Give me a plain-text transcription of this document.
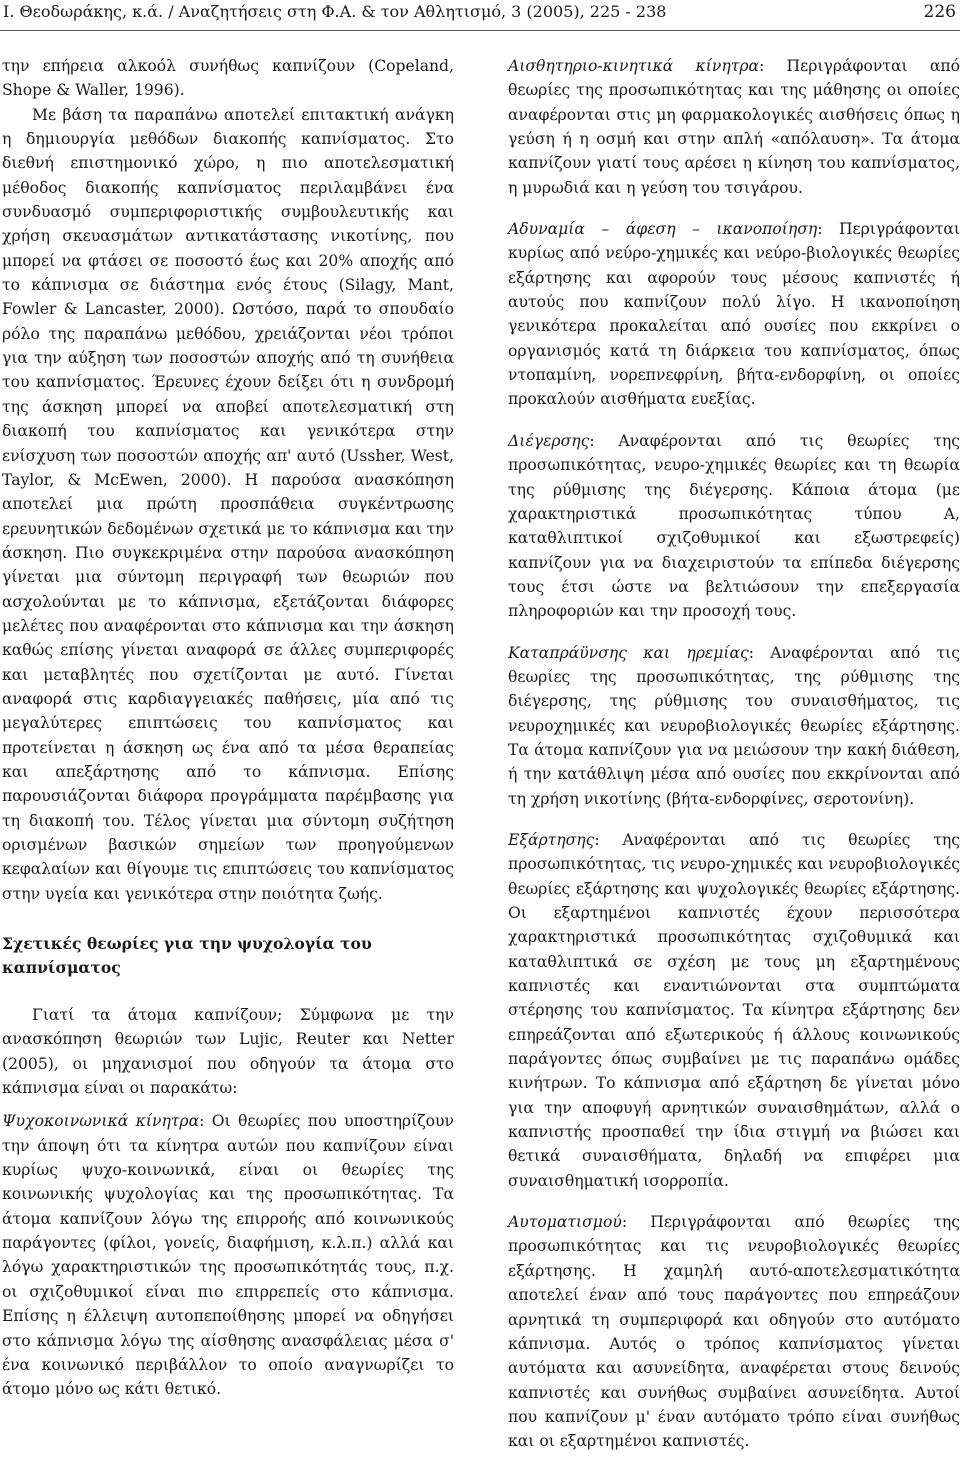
Ι. Θεοδωράκης, κ.ά. / Αναζητήσεις στη Φ.Α. & τον Αθλητισμό, 3 (2005), 225 - 238	226

την επήρεια αλκοόλ συνήθως καπνίζουν (Copeland, Shope & Waller, 1996).

Με βάση τα παραπάνω αποτελεί επιτακτική ανάγκη η δημιουργία μεθόδων διακοπής καπνίσματος. Στο διεθνή επιστημονικό χώρο, η πιο αποτελεσματική μέθοδος διακοπής καπνίσματος περιλαμβάνει ένα συνδυασμό συμπεριφοριστικής συμβουλευτικής και χρήση σκευασμάτων αντικατάστασης νικοτίνης, που μπορεί να φτάσει σε ποσοστό έως και 20% αποχής από το κάπνισμα σε διάστημα ενός έτους (Silagy, Mant, Fowler & Lancaster, 2000). Ωστόσο, παρά το σπουδαίο ρόλο της παραπάνω μεθόδου, χρειάζονται νέοι τρόποι για την αύξηση των ποσοστών αποχής από τη συνήθεια του καπνίσματος. Έρευνες έχουν δείξει ότι η συνδρομή της άσκηση μπορεί να αποβεί αποτελεσματική στη διακοπή του καπνίσματος και γενικότερα στην ενίσχυση των ποσοστών αποχής απ' αυτό (Ussher, West, Taylor, & McEwen, 2000). Η παρούσα ανασκόπηση αποτελεί μια πρώτη προσπάθεια συγκέντρωσης ερευνητικών δεδομένων σχετικά με το κάπνισμα και την άσκηση. Πιο συγκεκριμένα στην παρούσα ανασκόπηση γίνεται μια σύντομη περιγραφή των θεωριών που ασχολούνται με το κάπνισμα, εξετάζονται διάφορες μελέτες που αναφέρονται στο κάπνισμα και την άσκηση καθώς επίσης γίνεται αναφορά σε άλλες συμπεριφορές και μεταβλητές που σχετίζονται με αυτό. Γίνεται αναφορά στις καρδιαγγειακές παθήσεις, μία από τις μεγαλύτερες επιπτώσεις του καπνίσματος και προτείνεται η άσκηση ως ένα από τα μέσα θεραπείας και απεξάρτησης από το κάπνισμα. Επίσης παρουσιάζονται διάφορα προγράμματα παρέμβασης για τη διακοπή του. Τέλος γίνεται μια σύντομη συζήτηση ορισμένων βασικών σημείων των προηγούμενων κεφαλαίων και θίγουμε τις επιπτώσεις του καπνίσματος στην υγεία και γενικότερα στην ποιότητα ζωής.

Σχετικές θεωρίες για την ψυχολογία του καπνίσματος

Γιατί τα άτομα καπνίζουν; Σύμφωνα με την ανασκόπηση θεωριών των Lujic, Reuter και Netter (2005), οι μηχανισμοί που οδηγούν τα άτομα στο κάπνισμα είναι οι παρακάτω:

Ψυχοκοινωνικά κίνητρα: Οι θεωρίες που υποστηρίζουν την άποψη ότι τα κίνητρα αυτών που καπνίζουν είναι κυρίως ψυχο-κοινωνικά, είναι οι θεωρίες της κοινωνικής ψυχολογίας και της προσωπικότητας. Τα άτομα καπνίζουν λόγω της επιρροής από κοινωνικούς παράγοντες (φίλοι, γονείς, διαφήμιση, κ.λ.π.) αλλά και λόγω χαρακτηριστικών της προσωπικότητάς τους, π.χ. οι σχιζοθυμικοί είναι πιο επιρρεπείς στο κάπνισμα. Επίσης η έλλειψη αυτοπεποίθησης μπορεί να οδηγήσει στο κάπνισμα λόγω της αίσθησης ανασφάλειας μέσα σ' ένα κοινωνικό περιβάλλον το οποίο αναγνωρίζει το άτομο μόνο ως κάτι θετικό.

Αισθητηριο-κινητικά κίνητρα: Περιγράφονται από θεωρίες της προσωπικότητας και της μάθησης οι οποίες αναφέρονται στις μη φαρμακολογικές αισθήσεις όπως η γεύση ή η οσμή και στην απλή «απόλαυση». Τα άτομα καπνίζουν γιατί τους αρέσει η κίνηση του καπνίσματος, η μυρωδιά και η γεύση του τσιγάρου.

Αδυναμία – άφεση – ικανοποίηση: Περιγράφονται κυρίως από νεύρο-χημικές και νεύρο-βιολογικές θεωρίες εξάρτησης και αφορούν τους μέσους καπνιστές ή αυτούς που καπνίζουν πολύ λίγο. Η ικανοποίηση γενικότερα προκαλείται από ουσίες που εκκρίνει ο οργανισμός κατά τη διάρκεια του καπνίσματος, όπως ντοπαμίνη, νορεπνεφρίνη, βήτα-ενδορφίνη, οι οποίες προκαλούν αισθήματα ευεξίας.

Διέγερσης: Αναφέρονται από τις θεωρίες της προσωπικότητας, νευρο-χημικές θεωρίες και τη θεωρία της ρύθμισης της διέγερσης. Κάποια άτομα (με χαρακτηριστικά προσωπικότητας τύπου Α, καταθλιπτικοί σχιζοθυμικοί και εξωστρεφείς) καπνίζουν για να διαχειριστούν τα επίπεδα διέγερσης τους έτσι ώστε να βελτιώσουν την επεξεργασία πληροφοριών και την προσοχή τους.

Καταπράϋνσης και ηρεμίας: Αναφέρονται από τις θεωρίες της προσωπικότητας, της ρύθμισης της διέγερσης, της ρύθμισης του συναισθήματος, τις νευροχημικές και νευροβιολογικές θεωρίες εξάρτησης. Τα άτομα καπνίζουν για να μειώσουν την κακή διάθεση, ή την κατάθλιψη μέσα από ουσίες που εκκρίνονται από τη χρήση νικοτίνης (βήτα-ενδορφίνες, σεροτονίνη).

Εξάρτησης: Αναφέρονται από τις θεωρίες της προσωπικότητας, τις νευρο-χημικές και νευροβιολογικές θεωρίες εξάρτησης και ψυχολογικές θεωρίες εξάρτησης. Οι εξαρτημένοι καπνιστές έχουν περισσότερα χαρακτηριστικά προσωπικότητας σχιζοθυμικά και καταθλιπτικά σε σχέση με τους μη εξαρτημένους καπνιστές και εναντιώνονται στα συμπτώματα στέρησης του καπνίσματος. Τα κίνητρα εξάρτησης δεν επηρεάζονται από εξωτερικούς ή άλλους κοινωνικούς παράγοντες όπως συμβαίνει με τις παραπάνω ομάδες κινήτρων. Το κάπνισμα από εξάρτηση δε γίνεται μόνο για την αποφυγή αρνητικών συναισθημάτων, αλλά ο καπνιστής προσπαθεί την ίδια στιγμή να βιώσει και θετικά συναισθήματα, δηλαδή να επιφέρει μια συναισθηματική ισορροπία.

Αυτοματισμού: Περιγράφονται από θεωρίες της προσωπικότητας και τις νευροβιολογικές θεωρίες εξάρτησης. Η χαμηλή αυτό-αποτελεσματικότητα αποτελεί έναν από τους παράγοντες που επηρεάζουν αρνητικά τη συμπεριφορά και οδηγούν στο αυτόματο κάπνισμα. Αυτός ο τρόπος καπνίσματος γίνεται αυτόματα και ασυνείδητα, αναφέρεται στους δεινούς καπνιστές και συνήθως συμβαίνει ασυνείδητα. Αυτοί που καπνίζουν μ' έναν αυτόματο τρόπο είναι συνήθως και οι εξαρτημένοι καπνιστές.
